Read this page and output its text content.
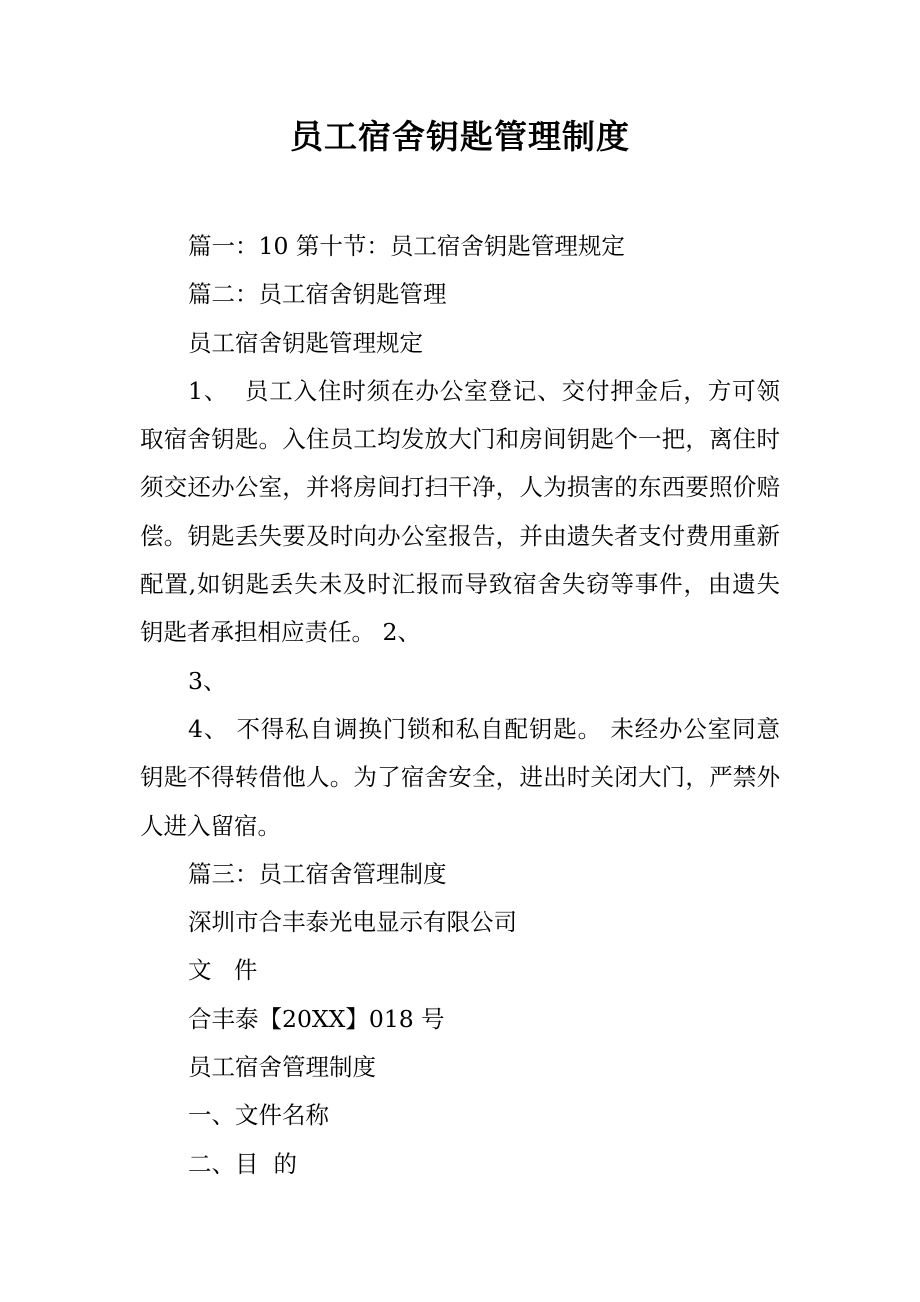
员工宿舍钥匙管理制度

篇一：10 第十节：员工宿舍钥匙管理规定

篇二：员工宿舍钥匙管理

员工宿舍钥匙管理规定

1、  员工入住时须在办公室登记、交付押金后，方可领取宿舍钥匙。入住员工均发放大门和房间钥匙个一把，离住时须交还办公室，并将房间打扫干净，人为损害的东西要照价赔偿。钥匙丢失要及时向办公室报告，并由遗失者支付费用重新配置,如钥匙丢失未及时汇报而导致宿舍失窃等事件，由遗失钥匙者承担相应责任。 2、

3、

4、 不得私自调换门锁和私自配钥匙。 未经办公室同意钥匙不得转借他人。为了宿舍安全，进出时关闭大门，严禁外人进入留宿。

篇三：员工宿舍管理制度

深圳市合丰泰光电显示有限公司

文   件

合丰泰【20XX】018 号

员工宿舍管理制度

一、文件名称

二、目  的
